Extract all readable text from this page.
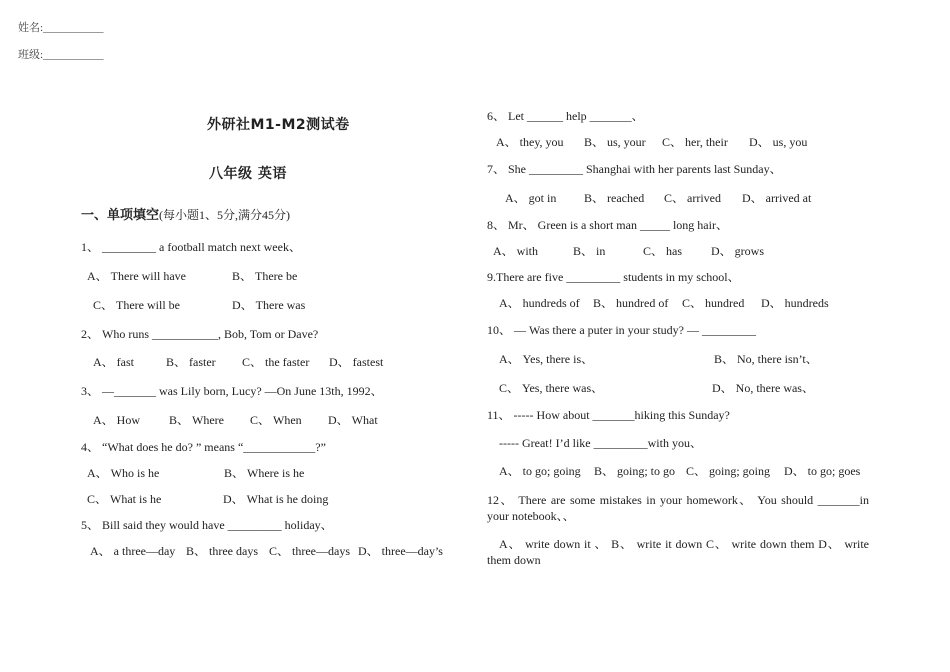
姓名:___________
班级:___________
外研社M1-M2测试卷
八年级 英语
一、单项填空(每小题1、5分,满分45分)
1、 _________ a football match next week、
A、 There will have	B、 There be
C、 There will be	D、 There was
2、 Who runs ___________, Bob, Tom or Dave?
A、 fast	B、 faster C、 the faster D、 fastest
3、 —_______ was Lily born, Lucy? —On June 13th, 1992、
A、 How B、 Where C、 When D、 What
4、 “What does he do? ” means “____________?”
A、 Who is he	B、 Where is he
C、 What is he	D、 What is he doing
5、 Bill said they would have _________ holiday、
A、 a three—day B、 three days C、 three—days D、 three—day’s
6、 Let ______ help _______、
A、 they, you B、 us, your C、 her, their D、 us, you
7、 She _________ Shanghai with her parents last Sunday、
A、 got in B、 reached C、 arrived D、 arrived at
8、 Mr、 Green is a short man _____ long hair、
A、 with	B、 in	C、 has D、 grows
9.There are five _________ students in my school、
A、 hundreds of B、 hundred of C、 hundred D、 hundreds
10、 — Was there a puter in your study? — _________
A、 Yes, there is、	B、 No, there isn’t、
C、 Yes, there was、	D、 No, there was、
11、 ----- How about _______hiking this Sunday?
----- Great! I’d like _________with you、
A、 to go; going B、 going; to go C、 going; going D、 to go; goes
12、 There are some mistakes in your homework、 You should _______in your notebook、、
A、 write down it 、 B、 write it down C、 write down them D、 write them down
